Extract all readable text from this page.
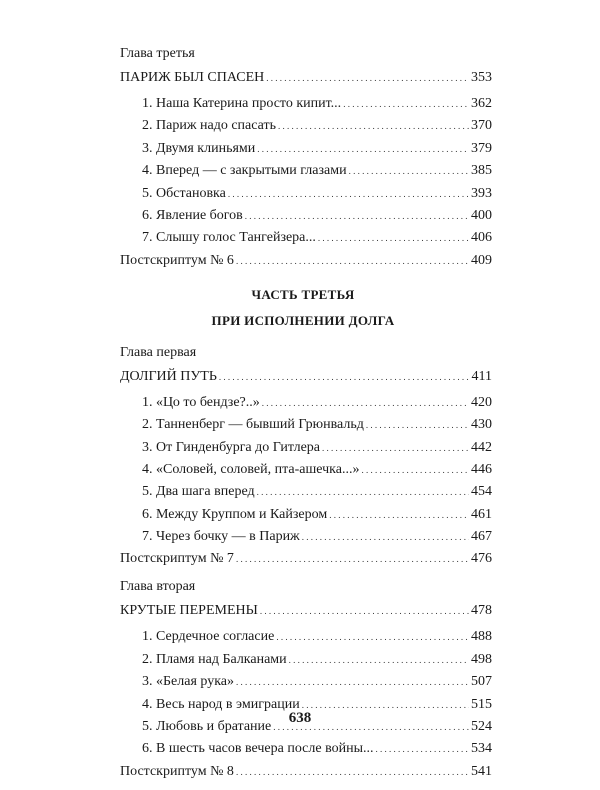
Глава третья
ПАРИЖ БЫЛ СПАСЕН . . .	353
1. Наша Катерина просто кипит... . . .	362
2. Париж надо спасать . . .	370
3. Двумя клиньями . . .	379
4. Вперед — с закрытыми глазами . . .	385
5. Обстановка . . .	393
6. Явление богов . . .	400
7. Слышу голос Тангейзера... . . .	406
Постскриптум № 6 . . .	409
ЧАСТЬ ТРЕТЬЯ
ПРИ ИСПОЛНЕНИИ ДОЛГА
Глава первая
ДОЛГИЙ ПУТЬ . . .	411
1. «Цо то бендзе?..» . . .	420
2. Танненберг — бывший Грюнвальд . . .	430
3. От Гинденбурга до Гитлера . . .	442
4. «Соловей, соловей, пта-ашечка...» . . .	446
5. Два шага вперед . . .	454
6. Между Круппом и Кайзером . . .	461
7. Через бочку — в Париж . . .	467
Постскриптум № 7 . . .	476
Глава вторая
КРУТЫЕ ПЕРЕМЕНЫ . . .	478
1. Сердечное согласие . . .	488
2. Пламя над Балканами . . .	498
3. «Белая рука» . . .	507
4. Весь народ в эмиграции . . .	515
5. Любовь и братание . . .	524
6. В шесть часов вечера после войны... . . .	534
Постскриптум № 8 . . .	541
638
